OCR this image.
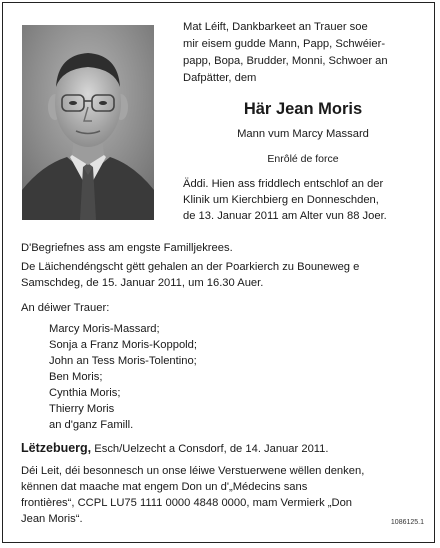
Mat Léift, Dankbarkeet an Trauer soe
mir eisem gudde Mann, Papp, Schwéier-
papp, Bopa, Brudder, Monni, Schwoer an
Dafpätter, dem
Här Jean Moris
Mann vum Marcy Massard
Enrôlé de force
Äddi. Hien ass friddlech entschlof an der
Klinik um Kierchbierg en Donneschden,
de 13. Januar 2011 am Alter vun 88 Joer.
D'Begriefnes ass am engste Familljekrees.
De Läichendéngscht gëtt gehalen an der Poarkierch zu Bouneweg e
Samschdeg, de 15. Januar 2011, um 16.30 Auer.
An déiwer Trauer:
Marcy Moris-Massard;
Sonja a Franz Moris-Koppold;
John an Tess Moris-Tolentino;
Ben Moris;
Cynthia Moris;
Thierry Moris
an d'ganz Famill.
Lëtzebuerg, Esch/Uelzecht a Consdorf, de 14. Januar 2011.
Déi Leit, déi besonnesch un onse léiwe Verstuerwene wëllen denken,
kënnen dat maache mat engem Don un d'„Médecins sans
frontières“, CCPL LU75 1111 0000 4848 0000, mam Vermierk „Don
Jean Moris“.	1086125.1
